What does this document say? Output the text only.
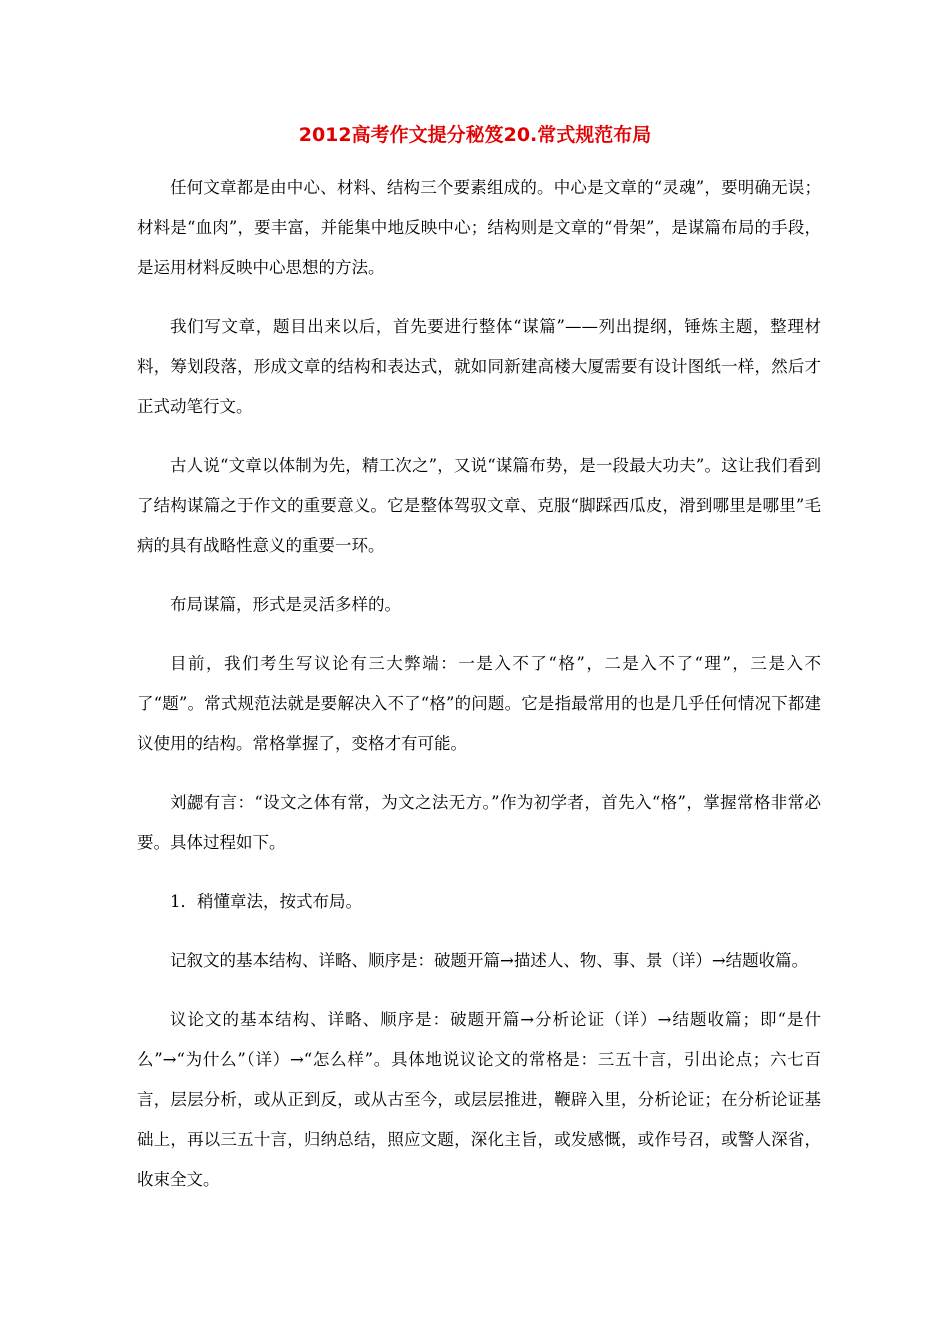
2012高考作文提分秘笈20.常式规范布局

任何文章都是由中心、材料、结构三个要素组成的。中心是文章的“灵魂”，要明确无误；材料是“血肉”，要丰富，并能集中地反映中心；结构则是文章的“骨架”，是谋篇布局的手段，是运用材料反映中心思想的方法。

我们写文章，题目出来以后，首先要进行整体“谋篇”——列出提纲，锤炼主题，整理材料，筹划段落，形成文章的结构和表达式，就如同新建高楼大厦需要有设计图纸一样，然后才正式动笔行文。

古人说“文章以体制为先，精工次之”，又说“谋篇布势，是一段最大功夫”。这让我们看到了结构谋篇之于作文的重要意义。它是整体驾驭文章、克服“脚踩西瓜皮，滑到哪里是哪里”毛病的具有战略性意义的重要一环。

布局谋篇，形式是灵活多样的。

目前，我们考生写议论有三大弊端：一是入不了“格”，二是入不了“理”，三是入不了“题”。常式规范法就是要解决入不了“格”的问题。它是指最常用的也是几乎任何情况下都建议使用的结构。常格掌握了，变格才有可能。

刘勰有言：“设文之体有常，为文之法无方。”作为初学者，首先入“格”，掌握常格非常必要。具体过程如下。

1．稍懂章法，按式布局。

记叙文的基本结构、详略、顺序是：破题开篇→描述人、物、事、景（详）→结题收篇。

议论文的基本结构、详略、顺序是：破题开篇→分析论证（详）→结题收篇；即“是什么”→“为什么”（详）→“怎么样”。具体地说议论文的常格是：三五十言，引出论点；六七百言，层层分析，或从正到反，或从古至今，或层层推进，鞭辟入里，分析论证；在分析论证基础上，再以三五十言，归纳总结，照应文题，深化主旨，或发感慨，或作号召，或警人深省，收束全文。
